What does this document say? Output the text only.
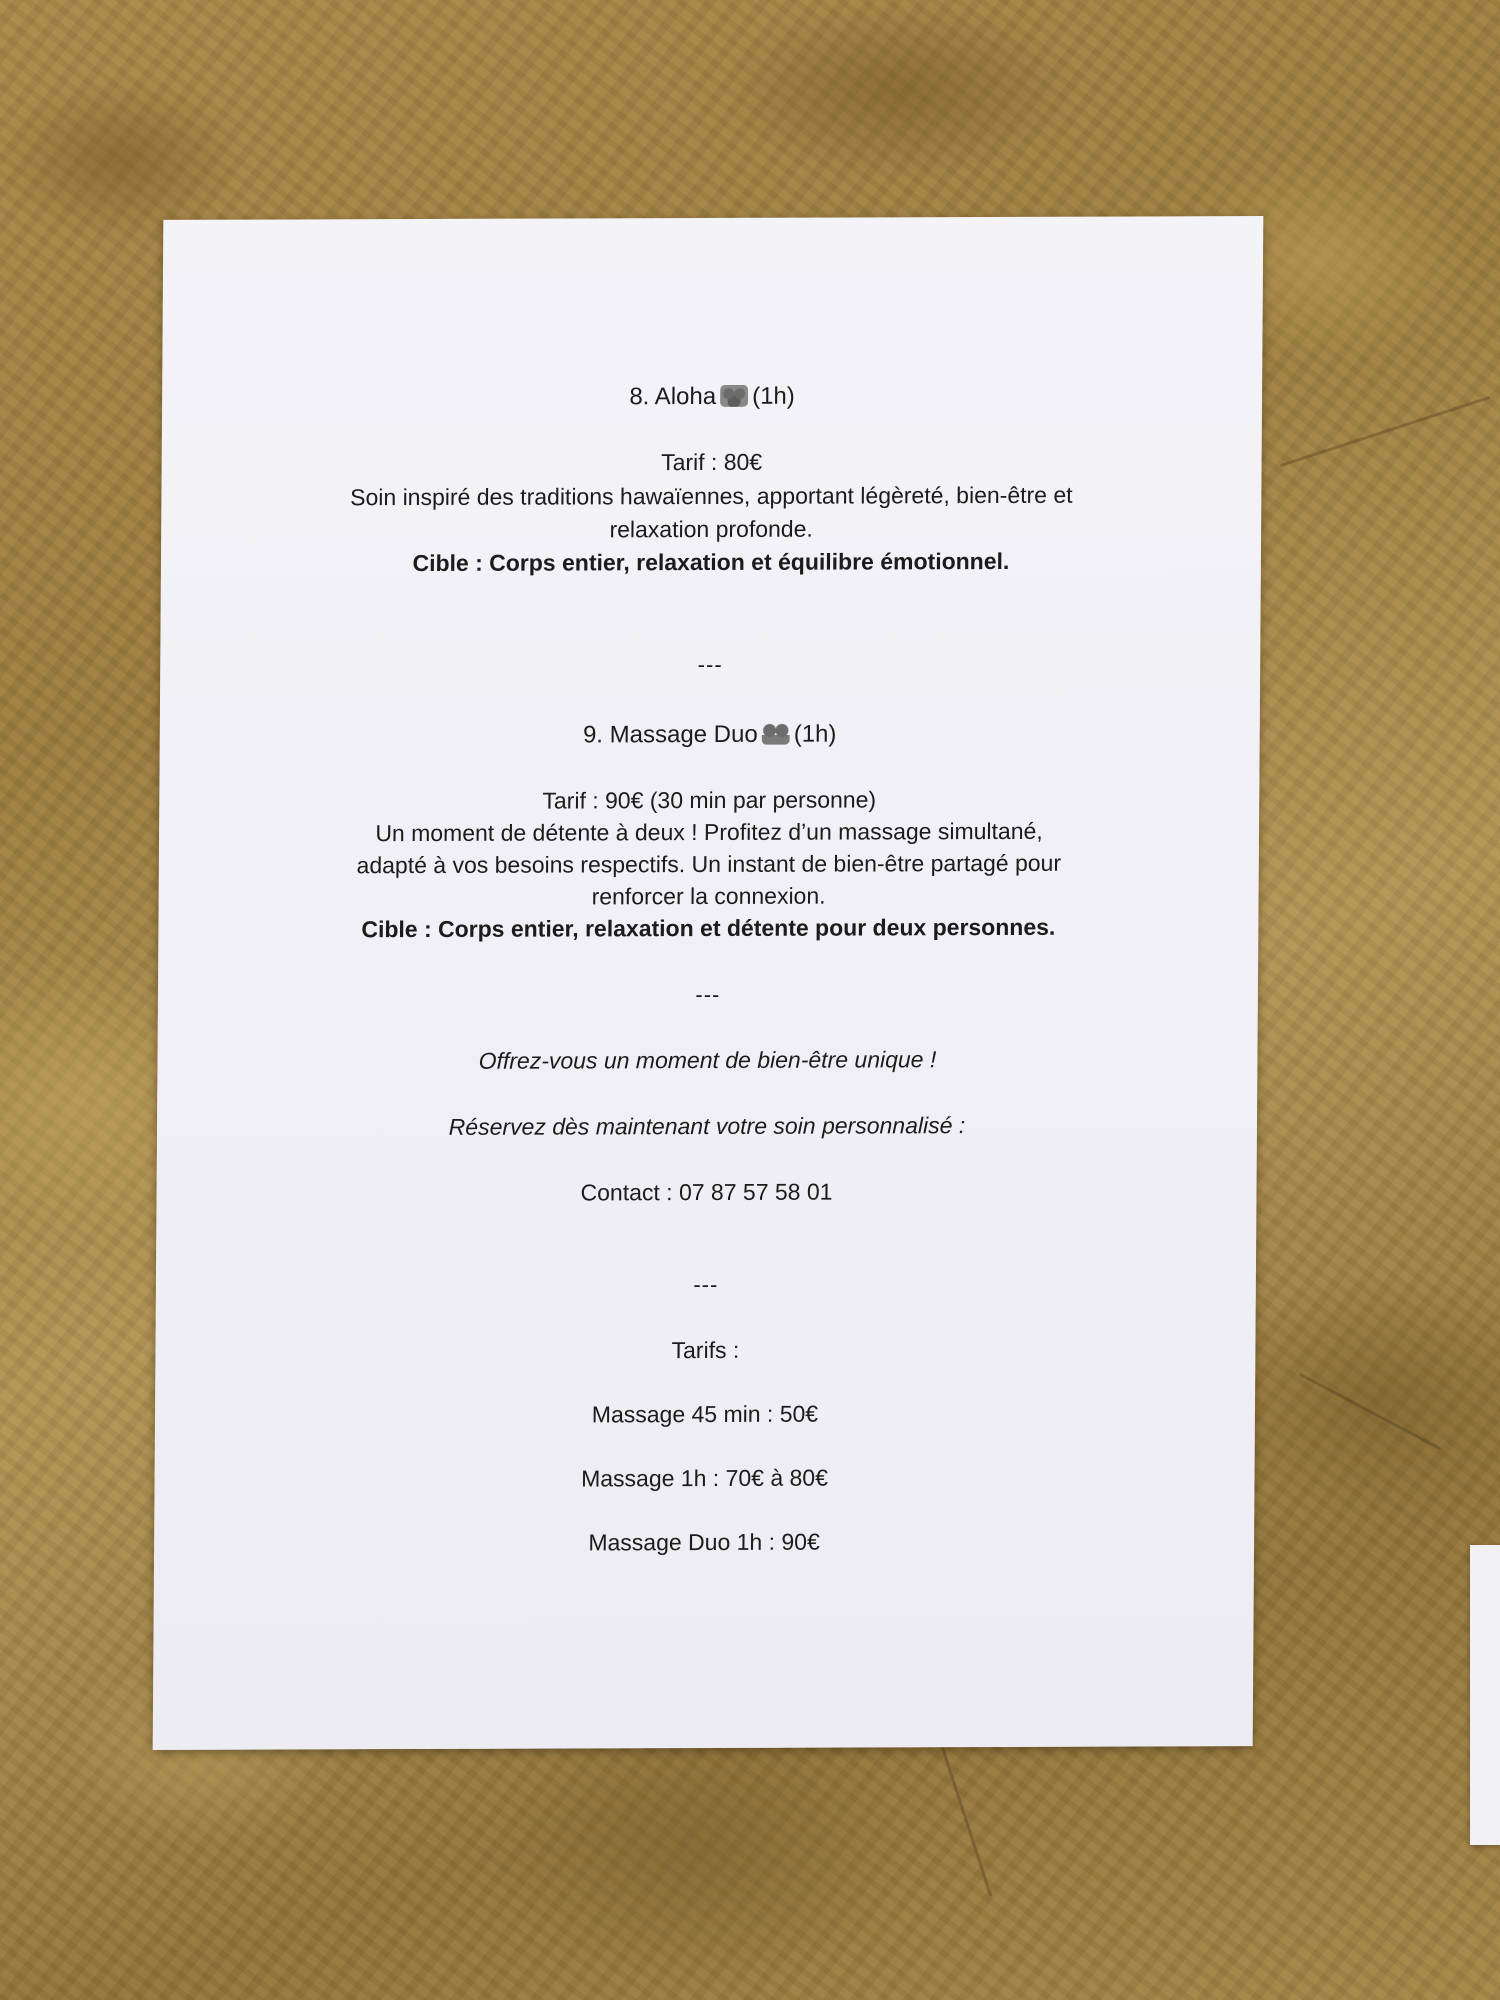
8. Aloha (1h)
Tarif : 80€
Soin inspiré des traditions hawaïennes, apportant légèreté, bien-être et
relaxation profonde.
Cible : Corps entier, relaxation et équilibre émotionnel.
---
9. Massage Duo (1h)
Tarif : 90€ (30 min par personne)
Un moment de détente à deux ! Profitez d’un massage simultané,
adapté à vos besoins respectifs. Un instant de bien-être partagé pour
renforcer la connexion.
Cible : Corps entier, relaxation et détente pour deux personnes.
---
Offrez-vous un moment de bien-être unique !
Réservez dès maintenant votre soin personnalisé :
Contact : 07 87 57 58 01
---
Tarifs :
Massage 45 min : 50€
Massage 1h : 70€ à 80€
Massage Duo 1h : 90€
